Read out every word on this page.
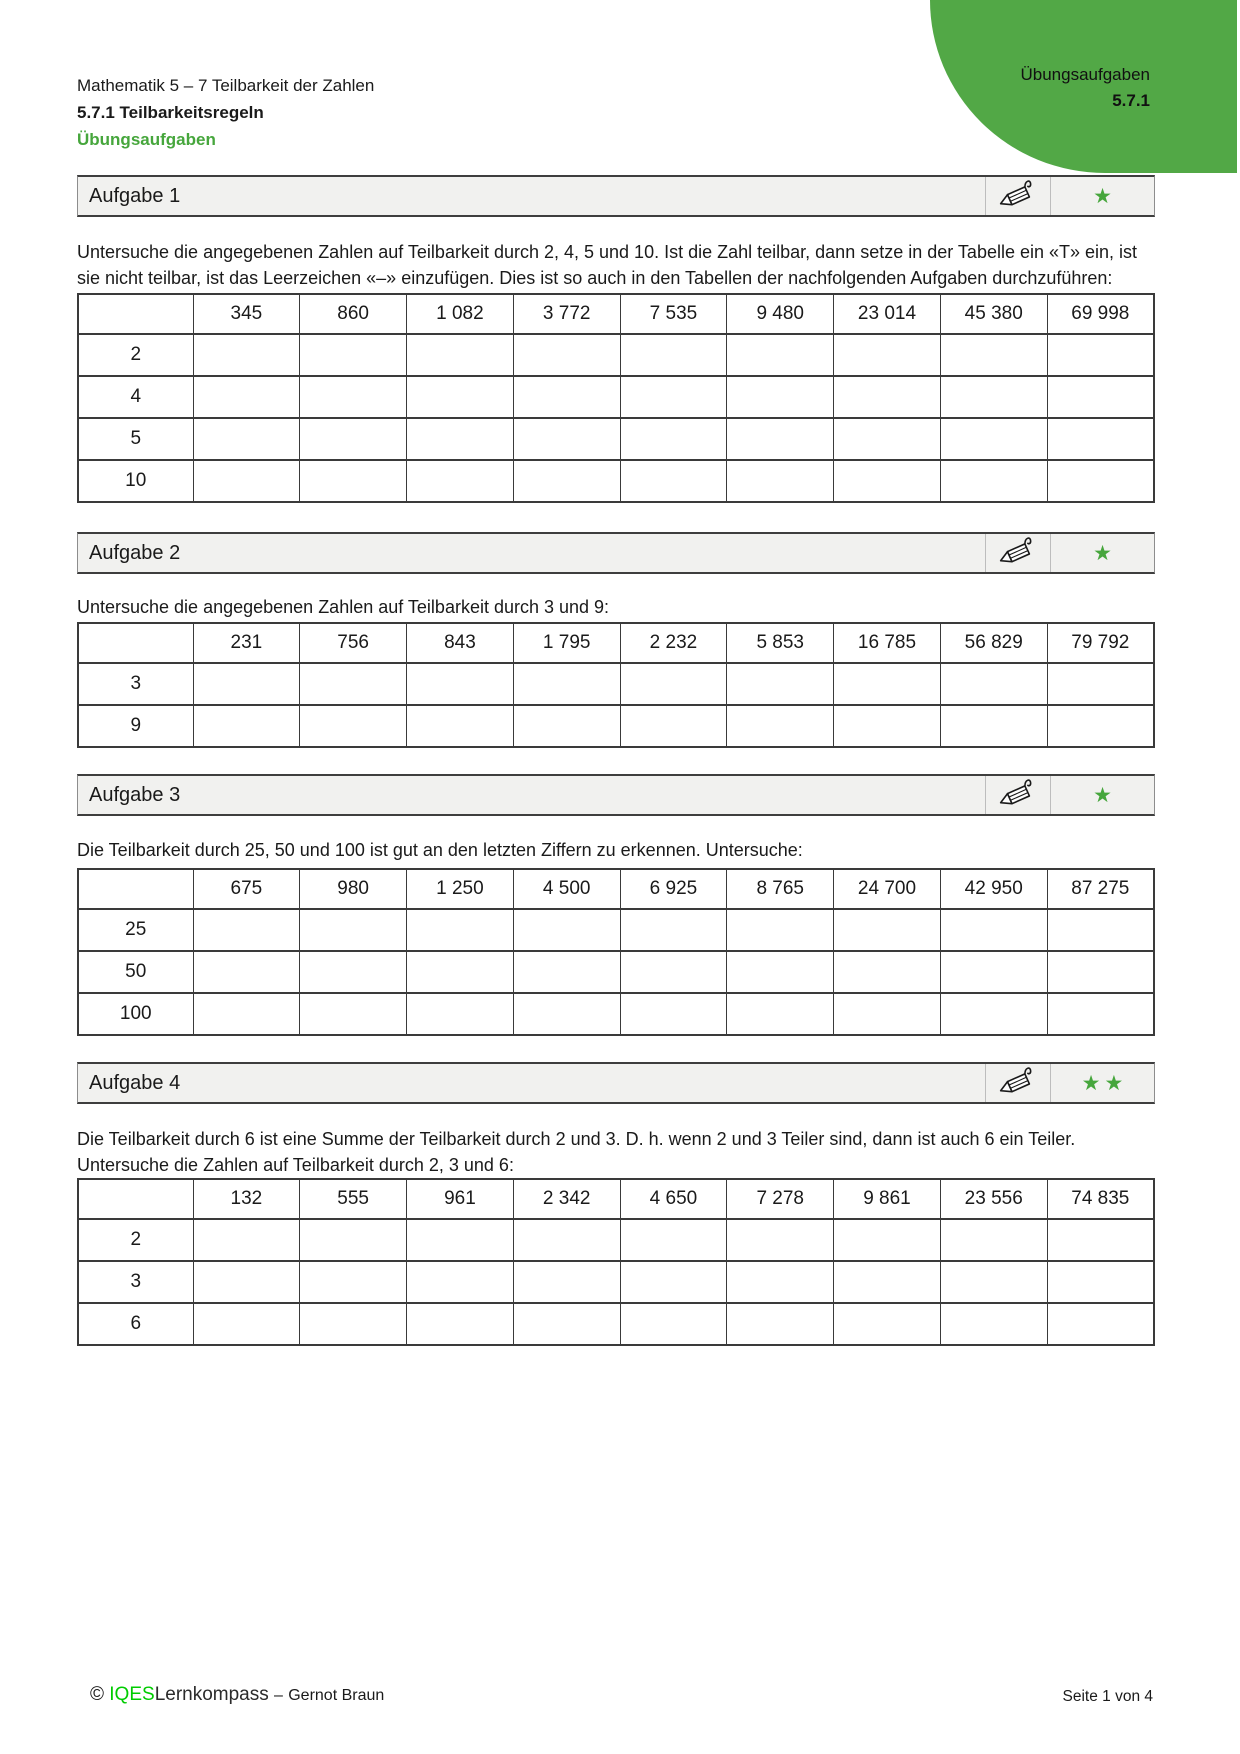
Übungsaufgaben
5.7.1
Mathematik 5 – 7 Teilbarkeit der Zahlen
5.7.1 Teilbarkeitsregeln
Übungsaufgaben
Aufgabe 1	★

Untersuche die angegebenen Zahlen auf Teilbarkeit durch 2, 4, 5 und 10. Ist die Zahl teilbar, dann setze in der Tabelle ein «T» ein, ist sie nicht teilbar, ist das Leerzeichen «–» einzufügen. Dies ist so auch in den Tabellen der nachfolgenden Aufgaben durchzuführen:

	345	860	1 082	3 772	7 535	9 480	23 014	45 380	69 998
2									
4									
5									
10									
Aufgabe 2	★

Untersuche die angegebenen Zahlen auf Teilbarkeit durch 3 und 9:

	231	756	843	1 795	2 232	5 853	16 785	56 829	79 792
3									
9									
Aufgabe 3	★

Die Teilbarkeit durch 25, 50 und 100 ist gut an den letzten Ziffern zu erkennen. Untersuche:

	675	980	1 250	4 500	6 925	8 765	24 700	42 950	87 275
25									
50									
100									
Aufgabe 4	★★

Die Teilbarkeit durch 6 ist eine Summe der Teilbarkeit durch 2 und 3. D. h. wenn 2 und 3 Teiler sind, dann ist auch 6 ein Teiler. Untersuche die Zahlen auf Teilbarkeit durch 2, 3 und 6:

	132	555	961	2 342	4 650	7 278	9 861	23 556	74 835
2									
3									
6									
© IQESLernkompass – Gernot Braun	Seite 1 von 4
